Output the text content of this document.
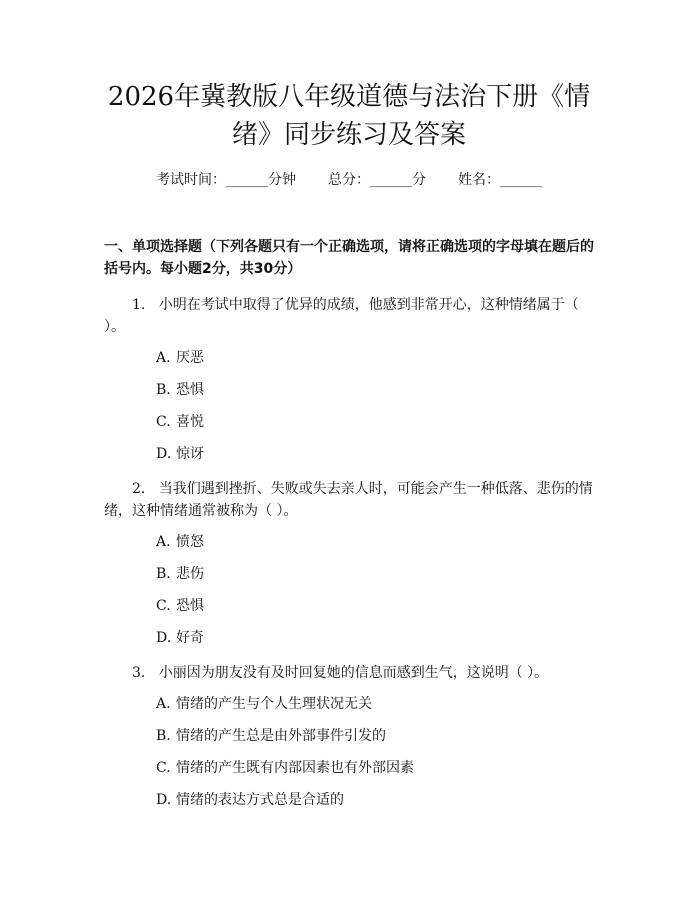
2026年冀教版八年级道德与法治下册《情绪》同步练习及答案
考试时间：______分钟 总分：______分 姓名：______
一、单项选择题（下列各题只有一个正确选项，请将正确选项的字母填在题后的括号内。每小题2分，共30分）

1. 小明在考试中取得了优异的成绩，他感到非常开心，这种情绪属于（ ）。

A. 厌恶
B. 恐惧
C. 喜悦
D. 惊讶

2. 当我们遇到挫折、失败或失去亲人时，可能会产生一种低落、悲伤的情绪，这种情绪通常被称为（ ）。

A. 愤怒
B. 悲伤
C. 恐惧
D. 好奇

3. 小丽因为朋友没有及时回复她的信息而感到生气，这说明（ ）。

A. 情绪的产生与个人生理状况无关
B. 情绪的产生总是由外部事件引发的
C. 情绪的产生既有内部因素也有外部因素
D. 情绪的表达方式总是合适的
